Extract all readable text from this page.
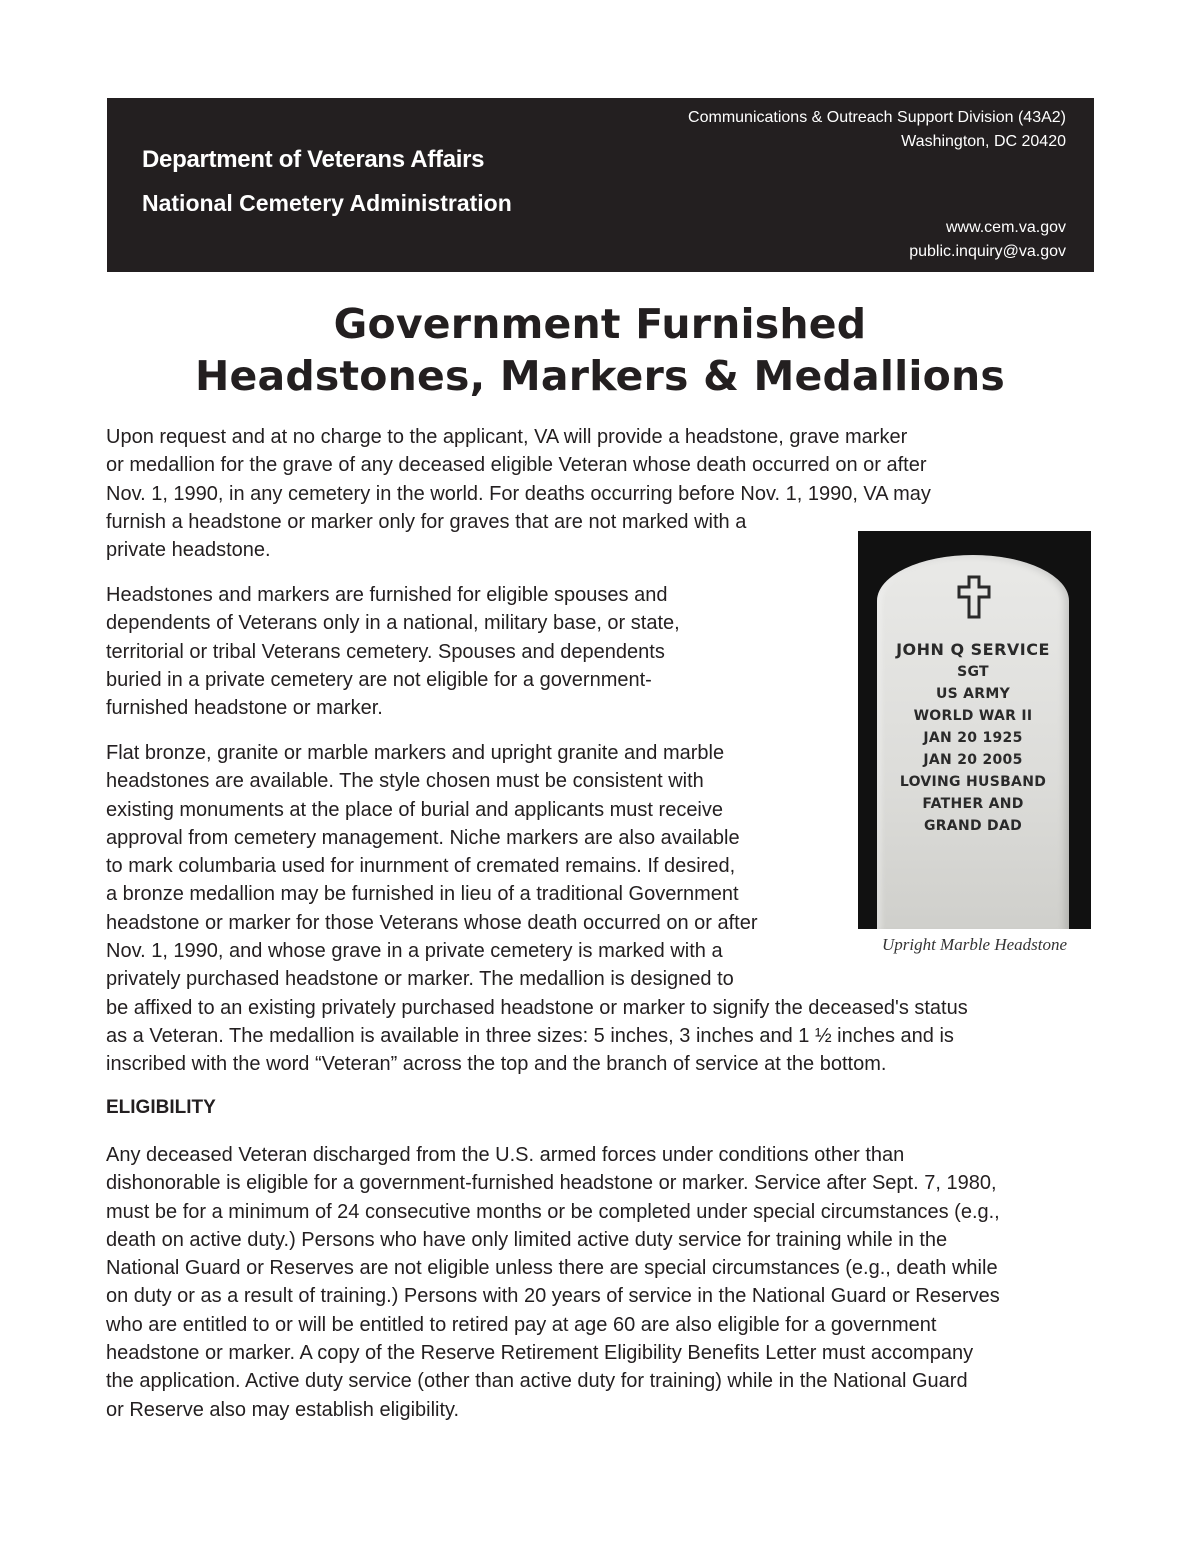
Department of Veterans Affairs
National Cemetery Administration
Communications & Outreach Support Division (43A2)
Washington, DC 20420
www.cem.va.gov
public.inquiry@va.gov
Government Furnished
Headstones, Markers & Medallions
Upon request and at no charge to the applicant, VA will provide a headstone, grave marker
or medallion for the grave of any deceased eligible Veteran whose death occurred on or after
Nov. 1, 1990, in any cemetery in the world. For deaths occurring before Nov. 1, 1990, VA may
furnish a headstone or marker only for graves that are not marked with a
private headstone.
Headstones and markers are furnished for eligible spouses and
dependents of Veterans only in a national, military base, or state,
territorial or tribal Veterans cemetery. Spouses and dependents
buried in a private cemetery are not eligible for a government-
furnished headstone or marker.
Flat bronze, granite or marble markers and upright granite and marble
headstones are available. The style chosen must be consistent with
existing monuments at the place of burial and applicants must receive
approval from cemetery management. Niche markers are also available
to mark columbaria used for inurnment of cremated remains. If desired,
a bronze medallion may be furnished in lieu of a traditional Government
headstone or marker for those Veterans whose death occurred on or after
Nov. 1, 1990, and whose grave in a private cemetery is marked with a
privately purchased headstone or marker. The medallion is designed to
be affixed to an existing privately purchased headstone or marker to signify the deceased's status
as a Veteran. The medallion is available in three sizes: 5 inches, 3 inches and 1 ½ inches and is
inscribed with the word “Veteran” across the top and the branch of service at the bottom.
ELIGIBILITY
Any deceased Veteran discharged from the U.S. armed forces under conditions other than
dishonorable is eligible for a government-furnished headstone or marker. Service after Sept. 7, 1980,
must be for a minimum of 24 consecutive months or be completed under special circumstances (e.g.,
death on active duty.) Persons who have only limited active duty service for training while in the
National Guard or Reserves are not eligible unless there are special circumstances (e.g., death while
on duty or as a result of training.) Persons with 20 years of service in the National Guard or Reserves
who are entitled to or will be entitled to retired pay at age 60 are also eligible for a government
headstone or marker. A copy of the Reserve Retirement Eligibility Benefits Letter must accompany
the application. Active duty service (other than active duty for training) while in the National Guard
or Reserve also may establish eligibility.
JOHN Q SERVICE
SGT
US ARMY
WORLD WAR II
JAN 20 1925
JAN 20 2005
LOVING HUSBAND
FATHER AND
GRAND DAD
Upright Marble Headstone
